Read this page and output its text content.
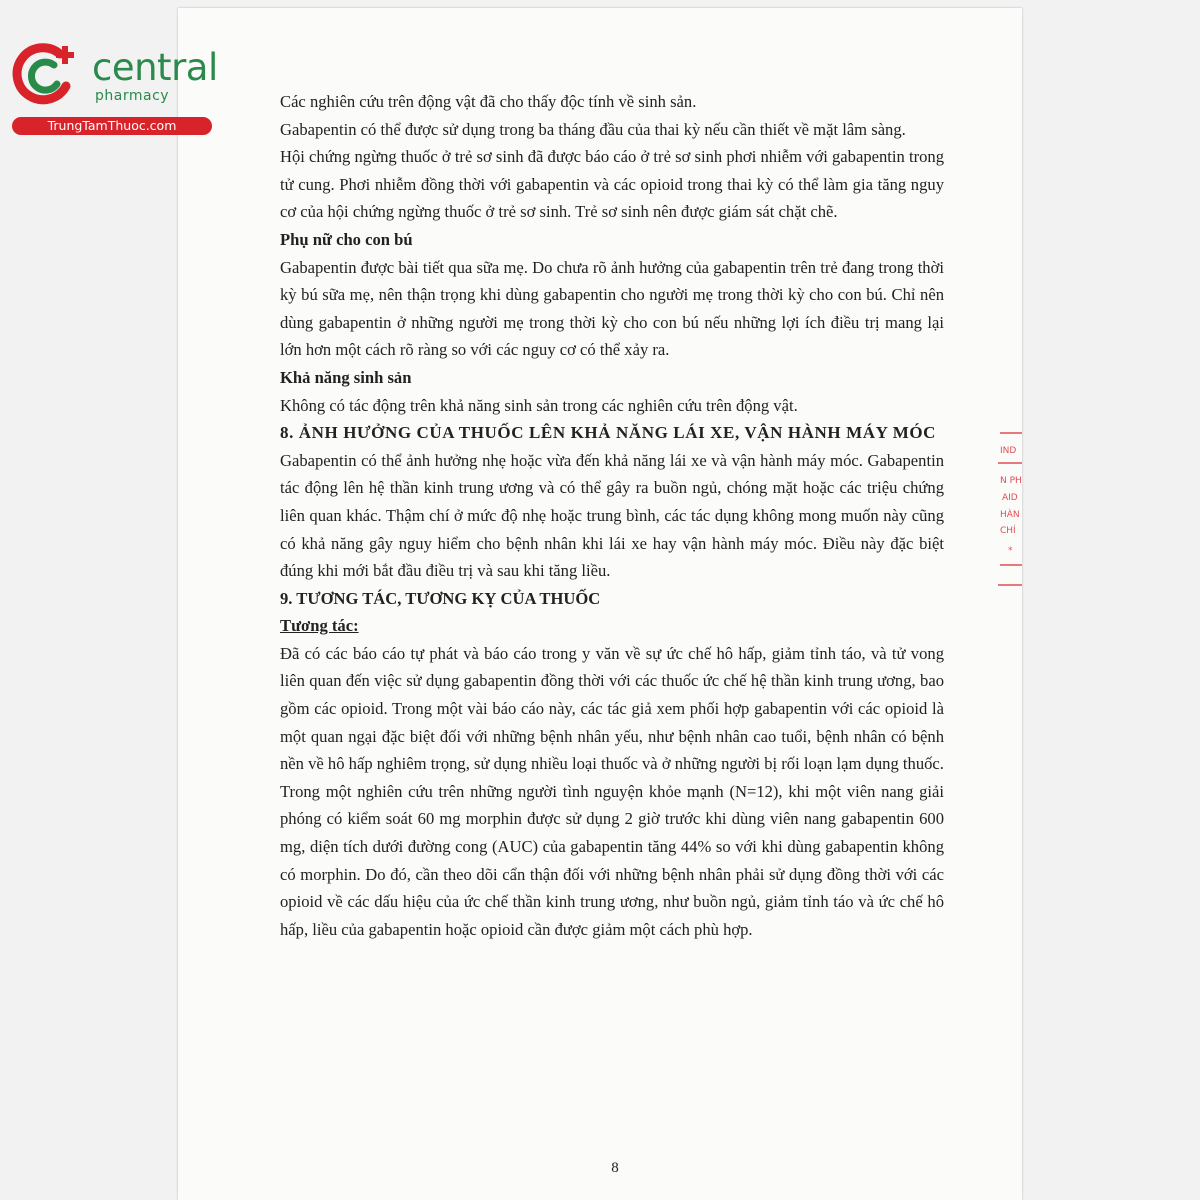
central
pharmacy
TrungTamThuoc.com

Các nghiên cứu trên động vật đã cho thấy độc tính về sinh sản.

Gabapentin có thể được sử dụng trong ba tháng đầu của thai kỳ nếu cần thiết về mặt lâm sàng.

Hội chứng ngừng thuốc ở trẻ sơ sinh đã được báo cáo ở trẻ sơ sinh phơi nhiễm với gabapentin trong tử cung. Phơi nhiễm đồng thời với gabapentin và các opioid trong thai kỳ có thể làm gia tăng nguy cơ của hội chứng ngừng thuốc ở trẻ sơ sinh. Trẻ sơ sinh nên được giám sát chặt chẽ.

Phụ nữ cho con bú

Gabapentin được bài tiết qua sữa mẹ. Do chưa rõ ảnh hưởng của gabapentin trên trẻ đang trong thời kỳ bú sữa mẹ, nên thận trọng khi dùng gabapentin cho người mẹ trong thời kỳ cho con bú. Chỉ nên dùng gabapentin ở những người mẹ trong thời kỳ cho con bú nếu những lợi ích điều trị mang lại lớn hơn một cách rõ ràng so với các nguy cơ có thể xảy ra.

Khả năng sinh sản

Không có tác động trên khả năng sinh sản trong các nghiên cứu trên động vật.

8. ẢNH HƯỞNG CỦA THUỐC LÊN KHẢ NĂNG LÁI XE, VẬN HÀNH MÁY MÓC

Gabapentin có thể ảnh hưởng nhẹ hoặc vừa đến khả năng lái xe và vận hành máy móc. Gabapentin tác động lên hệ thần kinh trung ương và có thể gây ra buồn ngủ, chóng mặt hoặc các triệu chứng liên quan khác. Thậm chí ở mức độ nhẹ hoặc trung bình, các tác dụng không mong muốn này cũng có khả năng gây nguy hiểm cho bệnh nhân khi lái xe hay vận hành máy móc. Điều này đặc biệt đúng khi mới bắt đầu điều trị và sau khi tăng liều.

9. TƯƠNG TÁC, TƯƠNG KỴ CỦA THUỐC

Tương tác:

Đã có các báo cáo tự phát và báo cáo trong y văn về sự ức chế hô hấp, giảm tỉnh táo, và tử vong liên quan đến việc sử dụng gabapentin đồng thời với các thuốc ức chế hệ thần kinh trung ương, bao gồm các opioid. Trong một vài báo cáo này, các tác giả xem phối hợp gabapentin với các opioid là một quan ngại đặc biệt đối với những bệnh nhân yếu, như bệnh nhân cao tuổi, bệnh nhân có bệnh nền về hô hấp nghiêm trọng, sử dụng nhiều loại thuốc và ở những người bị rối loạn lạm dụng thuốc.

Trong một nghiên cứu trên những người tình nguyện khỏe mạnh (N=12), khi một viên nang giải phóng có kiểm soát 60 mg morphin được sử dụng 2 giờ trước khi dùng viên nang gabapentin 600 mg, diện tích dưới đường cong (AUC) của gabapentin tăng 44% so với khi dùng gabapentin không có morphin. Do đó, cần theo dõi cẩn thận đối với những bệnh nhân phải sử dụng đồng thời với các opioid về các dấu hiệu của ức chế thần kinh trung ương, như buồn ngủ, giảm tỉnh táo và ức chế hô hấp, liều của gabapentin hoặc opioid cần được giảm một cách phù hợp.

8
IND
N PH
AID
HÀN
CHÍ
*
